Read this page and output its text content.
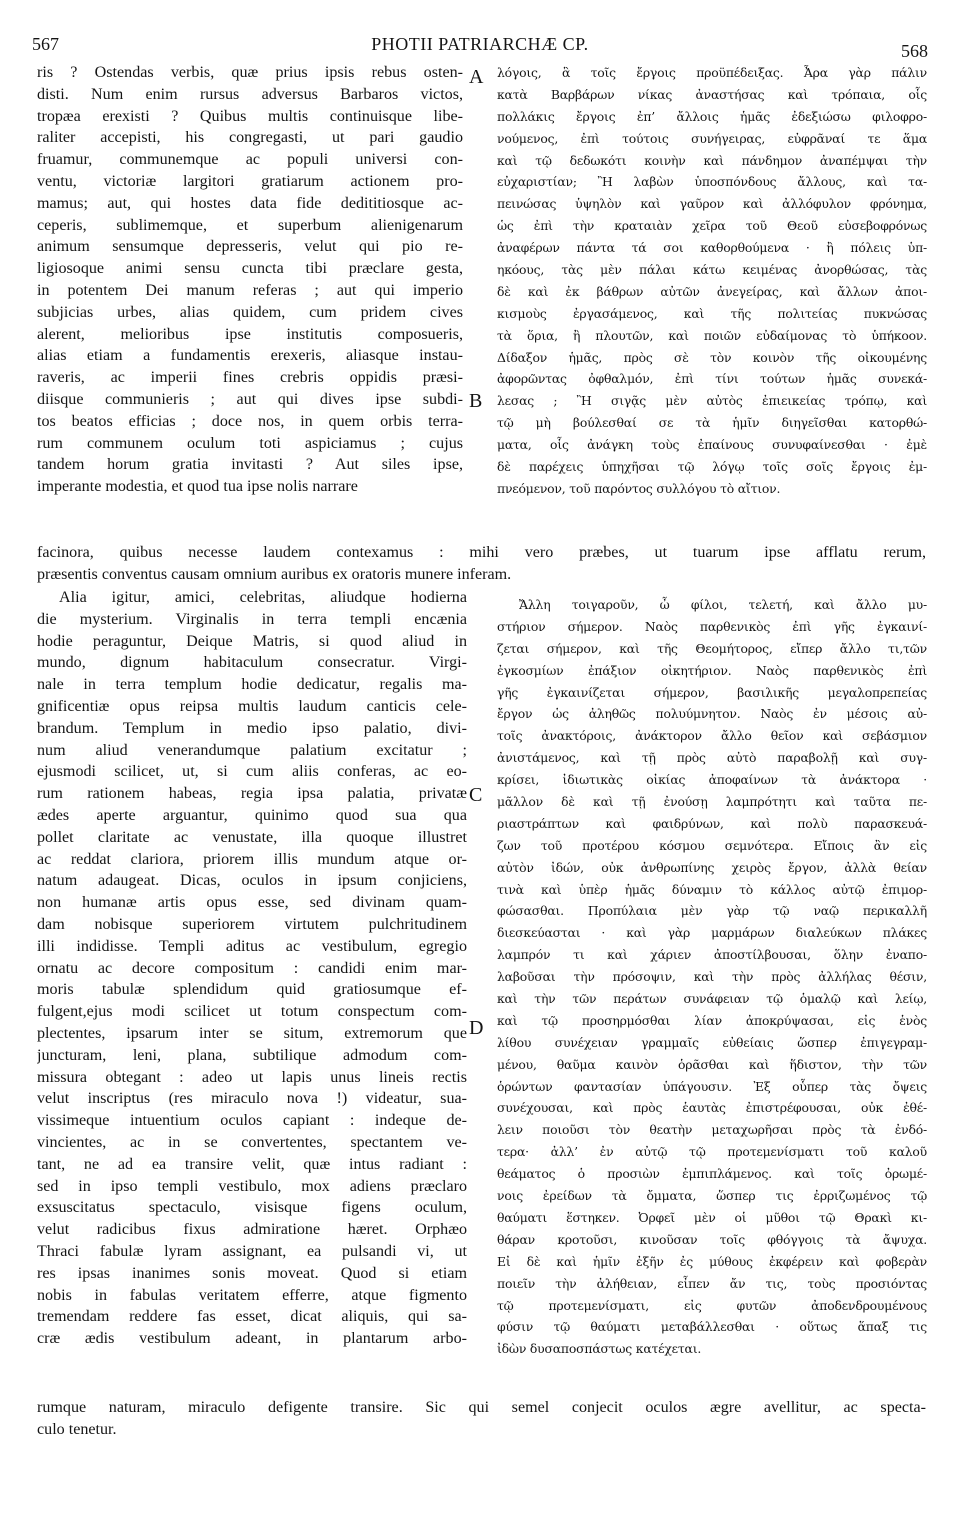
567	PHOTII PATRIARCHÆ CP.	568
A
B
C
D
ris ? Ostendas verbis, quæ prius ipsis rebus osten-
disti. Num enim rursus adversus Barbaros victos,
tropæa erexisti ? Quibus multis continuisque libe-
raliter accepisti, his congregasti, ut pari gaudio
fruamur, communemque ac populi universi con-
ventu, victoriæ largitori gratiarum actionem pro-
mamus; aut, qui hostes data fide dedititiosque ac-
ceperis, sublimemque, et superbum alienigenarum
animum sensumque depresseris, velut qui pio re-
ligiosoque animi sensu cuncta tibi præclare gesta,
in potentem Dei manum referas ; aut qui imperio
subjicias urbes, alias quidem, cum pridem cives
alerent, melioribus ipse institutis composueris,
alias etiam a fundamentis erexeris, aliasque instau-
raveris, ac imperii fines crebris oppidis præsi-
diisque communieris ; aut qui dives ipse subdi-
tos beatos efficias ; doce nos, in quem orbis terra-
rum communem oculum toti aspiciamus ; cujus
tandem horum gratia invitasti ? Aut siles ipse,
imperante modestia, et quod tua ipse nolis narrare
λόγοις, ἃ τοῖς ἔργοις προϋπέδειξας. Ἆρα γὰρ πάλιν
κατὰ Βαρβάρων νίκας ἀναστήσας καὶ τρόπαια, οἷς
πολλάκις ἔργοις ἐπ’ ἄλλοις ἡμᾶς ἐδεξιώσω φιλοφρο-
νούμενος, ἐπὶ τούτοις συνήγειρας, εὐφρᾶναί τε ἅμα
καὶ τῷ δεδωκότι κοινὴν καὶ πάνδημον ἀναπέμψαι τὴν
εὐχαριστίαν; Ἢ λαβὼν ὑποσπόνδους ἄλλους, καὶ τα-
πεινώσας ὑψηλὸν καὶ γαῦρον καὶ ἀλλόφυλον φρόνημα,
ὡς ἐπὶ τὴν κραταιὰν χεῖρα τοῦ Θεοῦ εὐσεβοφρόνως
ἀναφέρων πάντα τά σοι καθορθούμενα · ἢ πόλεις ὑπ-
ηκόους, τὰς μὲν πάλαι κάτω κειμένας ἀνορθώσας, τὰς
δὲ καὶ ἐκ βάθρων αὐτῶν ἀνεγείρας, καὶ ἄλλων ἀποι-
κισμοὺς ἐργασάμενος, καὶ τῆς πολιτείας πυκνώσας
τὰ ὅρια, ἢ πλουτῶν, καὶ ποιῶν εὐδαίμονας τὸ ὑπήκοον.
Δίδαξον ἡμᾶς, πρὸς σὲ τὸν κοινὸν τῆς οἰκουμένης
ἀφορῶντας ὀφθαλμόν, ἐπὶ τίνι τούτων ἡμᾶς συνεκά-
λεσας ; Ἢ σιγᾷς μὲν αὐτὸς ἐπιεικείας τρόπῳ, καὶ
τῷ μὴ βούλεσθαί σε τὰ ἡμῖν διηγεῖσθαι κατορθώ-
ματα, οἷς ἀνάγκη τοὺς ἐπαίνους συνυφαίνεσθαι · ἐμὲ
δὲ παρέχεις ὑπηχῆσαι τῷ λόγῳ τοῖς σοῖς ἔργοις ἐμ-
πνεόμενον, τοῦ παρόντος συλλόγου τὸ αἴτιον.
facinora, quibus necesse laudem contexamus : mihi vero præbes, ut tuarum ipse afflatu rerum,
præsentis conventus causam omnium auribus ex oratoris munere inferam.
Alia igitur, amici, celebritas, aliudque hodierna
die mysterium. Virginalis in terra templi encænia
hodie peraguntur, Deique Matris, si quod aliud in
mundo, dignum habitaculum consecratur. Virgi-
nale in terra templum hodie dedicatur, regalis ma-
gnificentiæ opus reipsa multis laudum canticis cele-
brandum. Templum in medio ipso palatio, divi-
num aliud venerandumque palatium excitatur ;
ejusmodi scilicet, ut, si cum aliis conferas, ac eo-
rum rationem habeas, regia ipsa palatia, privatæ
ædes aperte arguantur, quinimo quod sua qua
pollet claritate ac venustate, illa quoque illustret
ac reddat clariora, priorem illis mundum atque or-
natum adaugeat. Dicas, oculos in ipsum conjiciens,
non humanæ artis opus esse, sed divinam quam-
dam nobisque superiorem virtutem pulchritudinem
illi indidisse. Templi aditus ac vestibulum, egregio
ornatu ac decore compositum : candidi enim mar-
moris tabulæ splendidum quid gratiosumque ef-
fulgent,ejus modi scilicet ut totum conspectum com-
plectentes, ipsarum inter se situm, extremorum que
juncturam, leni, plana, subtilique admodum com-
missura obtegant : adeo ut lapis unus lineis rectis
velut inscriptus (res miraculo nova !) videatur, sua-
vissimeque intuentium oculos capiant : indeque de-
vincientes, ac in se convertentes, spectantem ve-
tant, ne ad ea transire velit, quæ intus radiant :
sed in ipso templi vestibulo, mox adiens præclaro
exsuscitatus spectaculo, visisque figens oculum,
velut radicibus fixus admiratione hæret. Orphæo
Thraci fabulæ lyram assignant, ea pulsandi vi, ut
res ipsas inanimes sonis moveat. Quod si etiam
nobis in fabulas veritatem efferre, atque figmento
tremendam reddere fas esset, dicat aliquis, qui sa-
cræ ædis vestibulum adeant, in plantarum arbo-
Ἄλλη τοιγαροῦν, ὦ φίλοι, τελετή, καὶ ἄλλο μυ-
στήριον σήμερον. Ναὸς παρθενικὸς ἐπὶ γῆς ἐγκαινί-
ζεται σήμερον, καὶ τῆς Θεομήτορος, εἴπερ ἄλλο τι,τῶν
ἐγκοσμίων ἐπάξιον οἰκητήριον. Ναὸς παρθενικὸς ἐπὶ
γῆς ἐγκαινίζεται σήμερον, βασιλικῆς μεγαλοπρεπείας
ἔργον ὡς ἀληθῶς πολυύμνητον. Ναὸς ἐν μέσοις αὐ-
τοῖς ἀνακτόροις, ἀνάκτορον ἄλλο θεῖον καὶ σεβάσμιον
ἀνιστάμενος, καὶ τῇ πρὸς αὐτὸ παραβολῇ καὶ συγ-
κρίσει, ἰδιωτικὰς οἰκίας ἀποφαίνων τὰ ἀνάκτορα ·
μᾶλλον δὲ καὶ τῇ ἐνούσῃ λαμπρότητι καὶ ταῦτα πε-
ριαστράπτων καὶ φαιδρύνων, καὶ πολὺ παρασκευά-
ζων τοῦ προτέρου κόσμου σεμνότερα. Εἴποις ἂν εἰς
αὐτὸν ἰδών, οὐκ ἀνθρωπίνης χειρὸς ἔργον, ἀλλὰ θείαν
τινὰ καὶ ὑπὲρ ἡμᾶς δύναμιν τὸ κάλλος αὐτῷ ἐπιμορ-
φώσασθαι. Προπύλαια μὲν γὰρ τῷ ναῷ περικαλλῆ
διεσκεύασται · καὶ γὰρ μαρμάρων διαλεύκων πλάκες
λαμπρόν τι καὶ χάριεν ἀποστίλβουσαι, ὅλην ἐναπο-
λαβοῦσαι τὴν πρόσοψιν, καὶ τὴν πρὸς ἀλλήλας θέσιν,
καὶ τὴν τῶν περάτων συνάφειαν τῷ ὁμαλῷ καὶ λείῳ,
καὶ τῷ προσηρμόσθαι λίαν ἀποκρύψασαι, εἰς ἑνὸς
λίθου συνέχειαν γραμμαῖς εὐθείαις ὥσπερ ἐπιγεγραμ-
μένου, θαῦμα καινὸν ὁρᾶσθαι καὶ ἥδιστον, τὴν τῶν
ὁρώντων φαντασίαν ὑπάγουσιν. Ἐξ οὗπερ τὰς ὄψεις
συνέχουσαι, καὶ πρὸς ἑαυτὰς ἐπιστρέφουσαι, οὐκ ἐθέ-
λειν ποιοῦσι τὸν θεατὴν μεταχωρῆσαι πρὸς τὰ ἐνδό-
τερα· ἀλλ’ ἐν αὐτῷ τῷ προτεμενίσματι τοῦ καλοῦ
θεάματος ὁ προσιὼν ἐμπιπλάμενος. καὶ τοῖς ὀρωμέ-
νοις ἐρείδων τὰ ὄμματα, ὥσπερ τις ἐρριζωμένος τῷ
θαύματι ἕστηκεν. Ὀρφεῖ μὲν οἱ μῦθοι τῷ Θρακὶ κι-
θάραν κροτοῦσι, κινοῦσαν τοῖς φθόγγοις τὰ ἄψυχα.
Εἰ δὲ καὶ ἡμῖν ἐξῆν ἐς μύθους ἐκφέρειν καὶ φοβερὰν
ποιεῖν τὴν ἀλήθειαν, εἶπεν ἄν τις, τοὺς προσιόντας
τῷ προτεμενίσματι, εἰς φυτῶν ἀποδενδρουμένους
φύσιν τῷ θαύματι μεταβάλλεσθαι · οὕτως ἅπαξ τις
ἰδὼν δυσαποσπάστως κατέχεται.
rumque naturam, miraculo defigente transire. Sic qui semel conjecit oculos ægre avellitur, ac specta-
culo tenetur.
